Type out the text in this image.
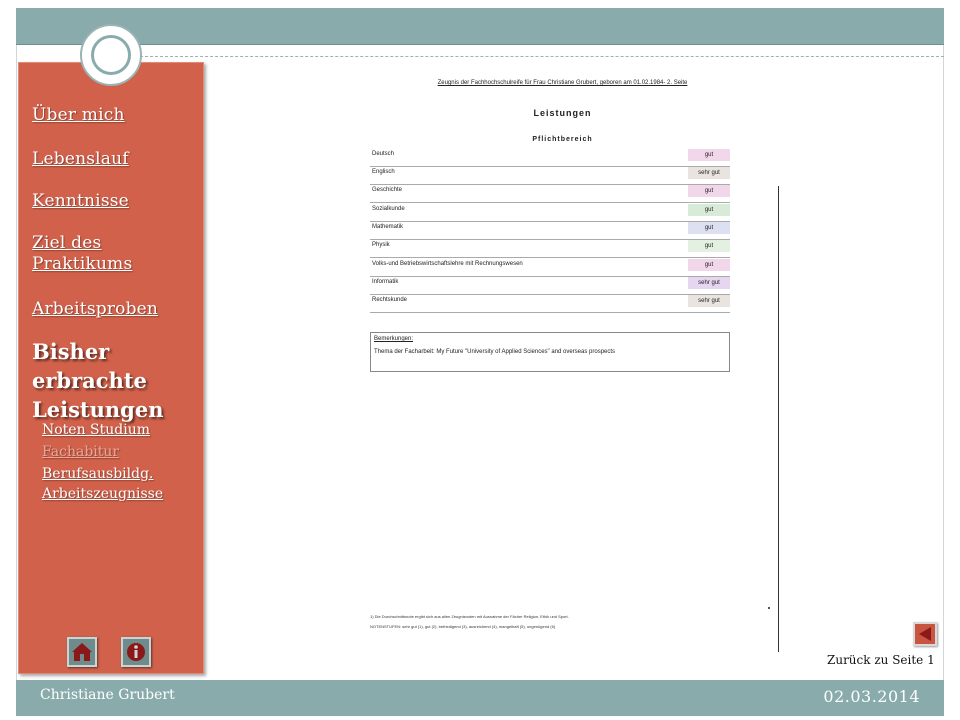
Über mich
Lebenslauf
Kenntnisse
Ziel des
Praktikums
Arbeitsproben
Bisher erbrachte Leistungen
Noten Studium
Fachabitur
Berufsausbildg.
Arbeitszeugnisse
Zeugnis der Fachhochschulreife für Frau Christiane Grubert, geboren am 01.02.1984- 2. Seite
Leistungen
Pflichtbereich
Deutsch	gut
Englisch	sehr gut
Geschichte	gut
Sozialkunde	gut
Mathematik	gut
Physik	gut
Volks-und Betriebswirtschaftslehre mit Rechnungswesen	gut
Informatik	sehr gut
Rechtskunde	sehr gut
Bemerkungen:
Thema der Facharbeit: My Future "University of Applied Sciences" and overseas prospects
1) Die Durchschnittsnote ergibt sich aus allen Zeugnisnoten mit Ausnahme der Fächer Religion, Ethik und Sport.
NOTENSTUFEN: sehr gut (1), gut (2), befriedigend (3), ausreichend (4), mangelhaft (5), ungenügend (6)
Zurück zu Seite 1
Christiane Grubert	02.03.2014
